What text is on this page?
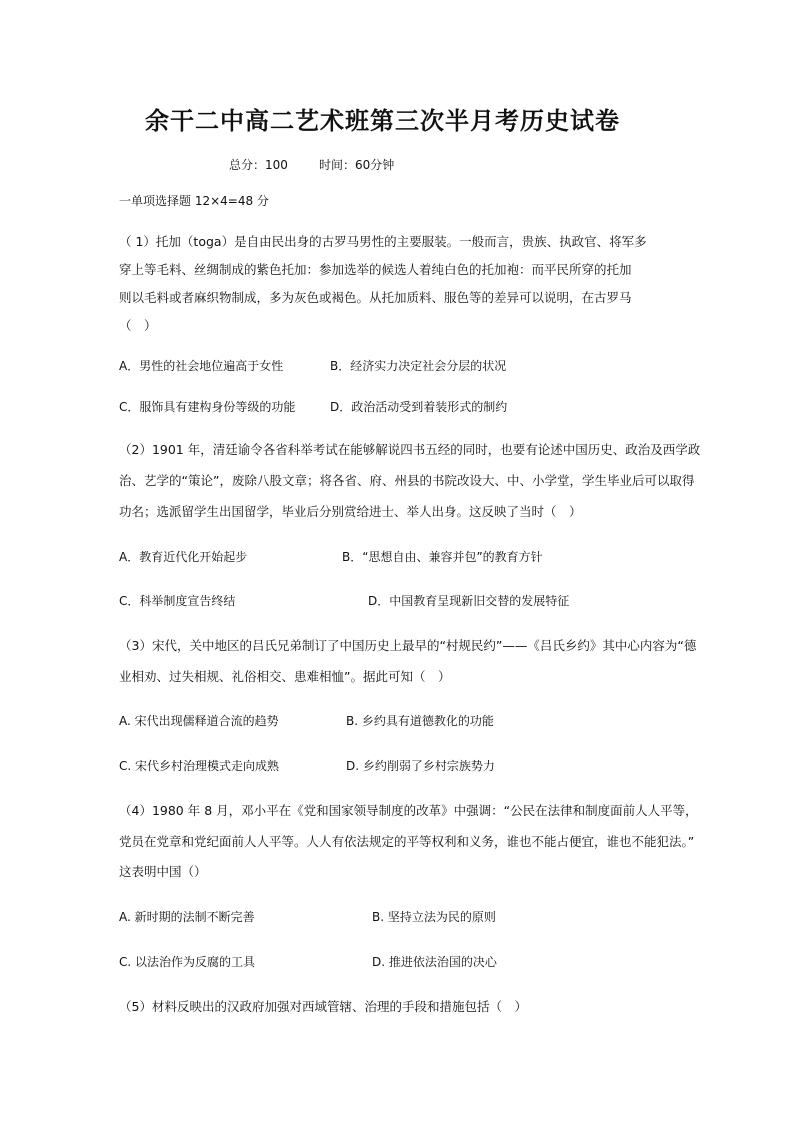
余干二中高二艺术班第三次半月考历史试卷
总分：100	时间：60分钟
一单项选择题 12×4=48 分
（ 1）托加（toga）是自由民出身的古罗马男性的主要服装。一般而言，贵族、执政官、将军多
穿上等毛料、丝绸制成的紫色托加：参加选举的候选人着纯白色的托加袍：而平民所穿的托加
则以毛料或者麻织物制成，多为灰色或褐色。从托加质料、服色等的差异可以说明，在古罗马
（　）
A．男性的社会地位遍高于女性	B．经济实力决定社会分层的状况
C．服饰具有建构身份等级的功能	D．政治活动受到着装形式的制约
（2）1901 年，清廷谕令各省科举考试在能够解说四书五经的同时，也要有论述中国历史、政治及西学政
治、艺学的“策论”，废除八股文章；将各省、府、州县的书院改设大、中、小学堂，学生毕业后可以取得
功名；选派留学生出国留学，毕业后分别赏给进士、举人出身。这反映了当时（　）
A．教育近代化开始起步	B．“思想自由、兼容并包”的教育方针
C．科举制度宣告终结	D．中国教育呈现新旧交替的发展特征
（3）宋代，关中地区的吕氏兄弟制订了中国历史上最早的“村规民约”——《吕氏乡约》其中心内容为“德
业相劝、过失相规、礼俗相交、患难相恤”。据此可知（　）
A. 宋代出现儒释道合流的趋势	B. 乡约具有道德教化的功能
C. 宋代乡村治理模式走向成熟	D. 乡约削弱了乡村宗族势力
（4）1980 年 8 月，邓小平在《党和国家领导制度的改革》中强调：“公民在法律和制度面前人人平等，
党员在党章和党纪面前人人平等。人人有依法规定的平等权利和义务，谁也不能占便宜，谁也不能犯法。”
这表明中国（）
A. 新时期的法制不断完善	B. 坚持立法为民的原则
C. 以法治作为反腐的工具	D. 推进依法治国的决心
（5）材料反映出的汉政府加强对西域管辖、治理的手段和措施包括（　）
